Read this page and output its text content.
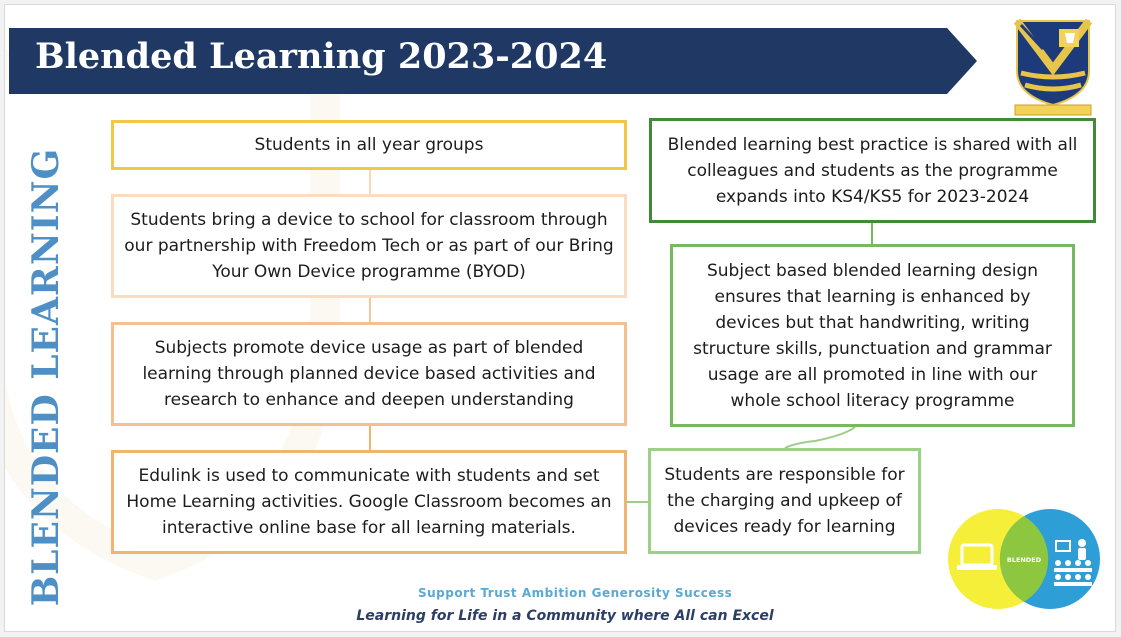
Blended Learning 2023-2024
BLENDED LEARNING
Students in all year groups
Students bring a device to school for classroom through our partnership with Freedom Tech or as part of our Bring Your Own Device programme (BYOD)
Subjects promote device usage as part of blended learning through planned device based activities and research to enhance and deepen understanding
Edulink is used to communicate with students and set Home Learning activities. Google Classroom becomes an interactive online base for all learning materials.
Blended learning best practice is shared with all colleagues and students as the programme expands into KS4/KS5 for 2023-2024
Subject based blended learning design ensures that learning is enhanced by devices but that handwriting, writing structure skills, punctuation and grammar usage are all promoted in line with our whole school literacy programme
Students are responsible for the charging and upkeep of devices ready for learning
BLENDED
Support Trust Ambition Generosity Success
Learning for Life in a Community where All can Excel
